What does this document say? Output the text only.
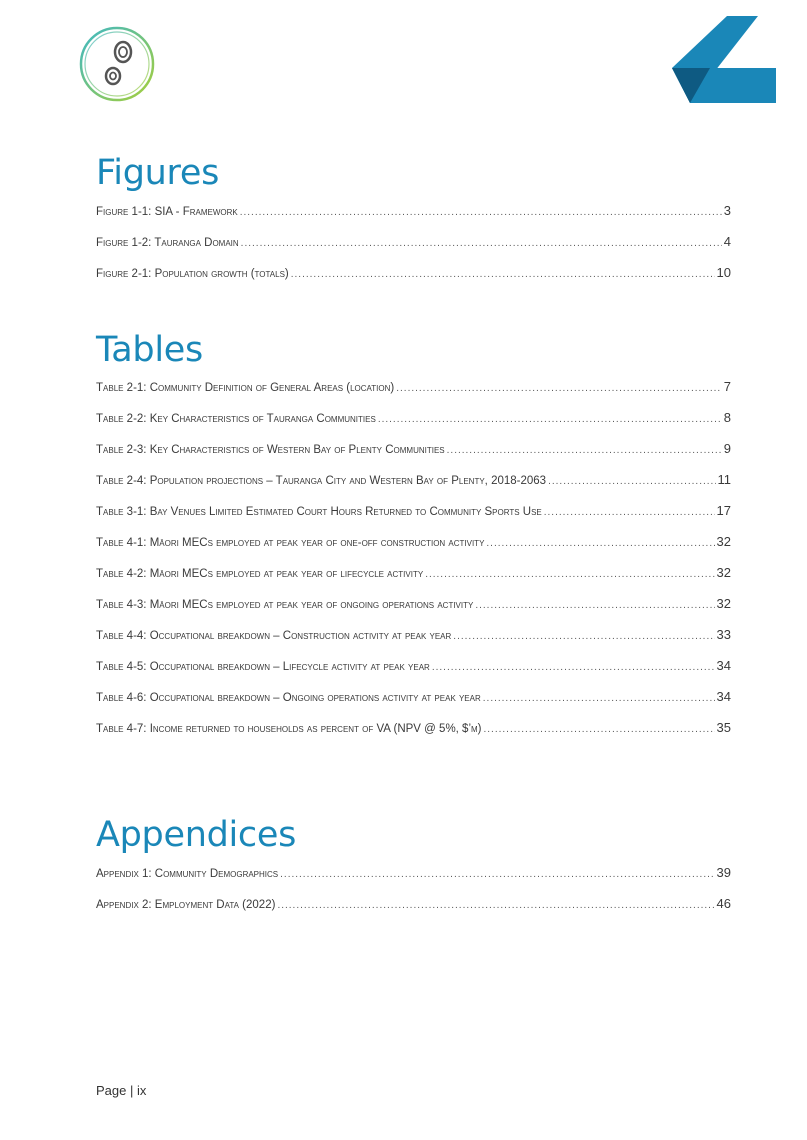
Figures
Figure 1-1: SIA - Framework .....	3
Figure 1-2: Tauranga Domain .....	4
Figure 2-1: Population growth (totals) .....	10
Tables
Table 2-1: Community Definition of General Areas (location) .....	7
Table 2-2: Key Characteristics of Tauranga Communities .....	8
Table 2-3: Key Characteristics of Western Bay of Plenty Communities .....	9
Table 2-4: Population projections – Tauranga City and Western Bay of Plenty, 2018-2063 .....	11
Table 3-1: Bay Venues Limited Estimated Court Hours Returned to Community Sports Use .....	17
Table 4-1: Māori MECs employed at peak year of one-off construction activity .....	32
Table 4-2: Māori MECs employed at peak year of lifecycle activity .....	32
Table 4-3: Māori MECs employed at peak year of ongoing operations activity .....	32
Table 4-4: Occupational breakdown – Construction activity at peak year .....	33
Table 4-5: Occupational breakdown – Lifecycle activity at peak year .....	34
Table 4-6: Occupational breakdown – Ongoing operations activity at peak year .....	34
Table 4-7: Income returned to households as percent of VA (NPV @ 5%, $’m) .....	35
Appendices
Appendix 1: Community Demographics .....	39
Appendix 2: Employment Data (2022) .....	46
Page | ix
